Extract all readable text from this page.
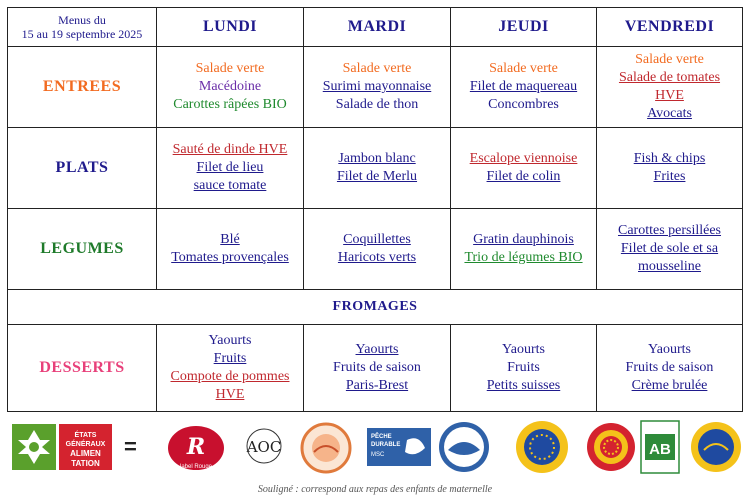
Menus du
15 au 19 septembre 2025	LUNDI	MARDI	JEUDI	VENDREDI
ENTREES	Salade verte
Macédoine
Carottes râpées BIO	Salade verte
Surimi mayonnaise
Salade de thon	Salade verte
Filet de maquereau
Concombres	Salade verte
Salade de tomates
HVE
Avocats

PLATS	Sauté de dinde HVE
Filet de lieu
sauce tomate	Jambon blanc
Filet de Merlu	Escalope viennoise
Filet de colin	Fish & chips
Frites

LEGUMES	Blé
Tomates provençales	Coquillettes
Haricots verts	Gratin dauphinois
Trio de légumes BIO	Carottes persillées
Filet de sole et sa
mousseline

FROMAGES				
DESSERTS	Yaourts
Fruits
Compote de pommes
HVE	Yaourts
Fruits de saison
Paris-Brest	Yaourts
Fruits
Petits suisses	Yaourts
Fruits de saison
Crème brulée
ÉTATS
GÉNÉRAUX
ALIMEN
TATION
= R
label Rouge
AOC
PÊCHE
DURABLE
MSC	AB
Souligné : correspond aux repas des enfants de maternelle
